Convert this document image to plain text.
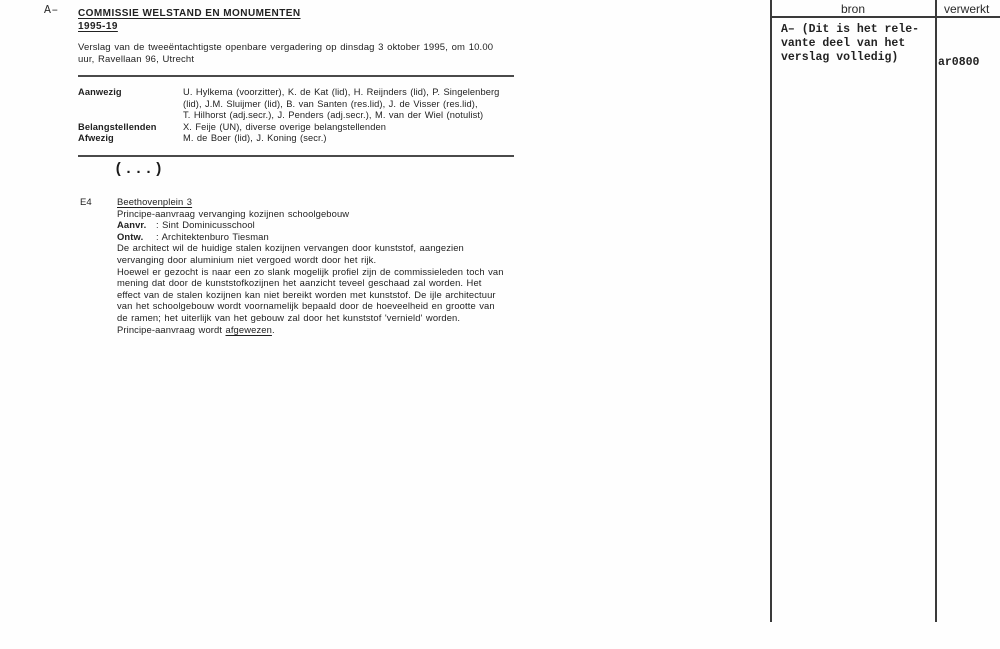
A– COMMISSIE WELSTAND EN MONUMENTEN
1995-19
Verslag van de tweeëntachtigste openbare vergadering op dinsdag 3 oktober 1995, om 10.00
uur, Ravellaan 96, Utrecht
Aanwezig	U. Hylkema (voorzitter), K. de Kat (lid), H. Reijnders (lid), P. Singelenberg
(lid), J.M. Sluijmer (lid), B. van Santen (res.lid), J. de Visser (res.lid),
T. Hilhorst (adj.secr.), J. Penders (adj.secr.), M. van der Wiel (notulist)
Belangstellenden	X. Feije (UN), diverse overige belangstellenden
Afwezig	M. de Boer (lid), J. Koning (secr.)
(...)
E4	Beethovenplein 3
Principe-aanvraag vervanging kozijnen schoolgebouw
Aanvr. : Sint Dominicusschool
Ontw. : Architektenburo Tiesman
De architect wil de huidige stalen kozijnen vervangen door kunststof, aangezien
vervanging door aluminium niet vergoed wordt door het rijk.
Hoewel er gezocht is naar een zo slank mogelijk profiel zijn de commissieleden toch van
mening dat door de kunststofkozijnen het aanzicht teveel geschaad zal worden. Het
effect van de stalen kozijnen kan niet bereikt worden met kunststof. De ijle architectuur
van het schoolgebouw wordt voornamelijk bepaald door de hoeveelheid en grootte van
de ramen; het uiterlijk van het gebouw zal door het kunststof 'vernield' worden.
Principe-aanvraag wordt afgewezen.
bron	verwerkt
A– (Dit is het rele-
vante deel van het
verslag volledig)	ar0800
